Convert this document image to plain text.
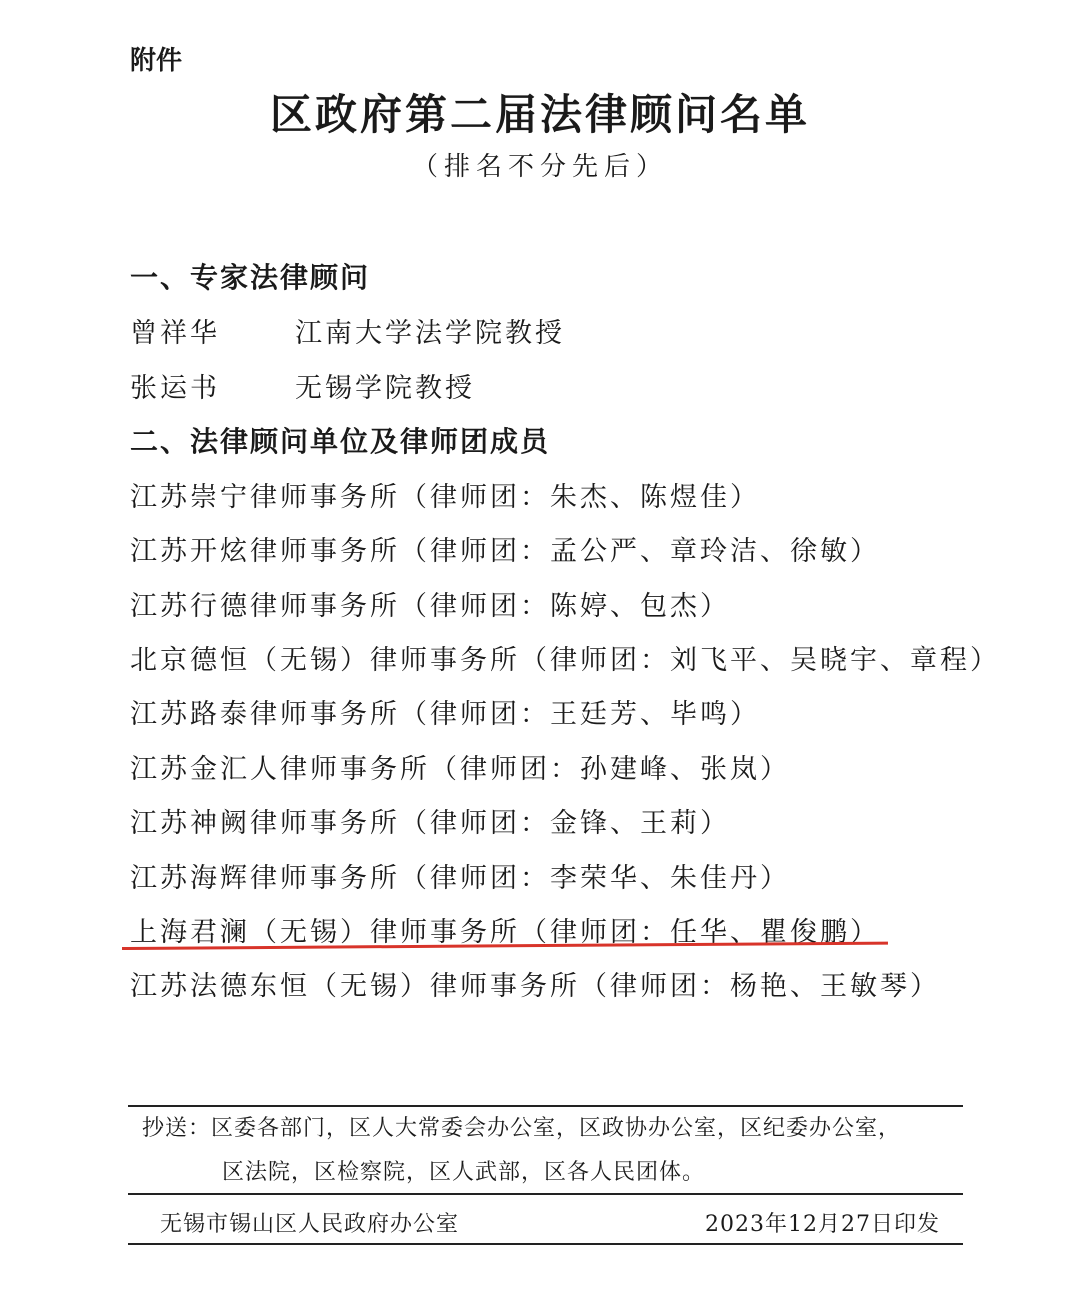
附件
区政府第二届法律顾问名单
（排名不分先后）
一、专家法律顾问
曾祥华	江南大学法学院教授
张运书	无锡学院教授
二、法律顾问单位及律师团成员
江苏崇宁律师事务所（律师团：朱杰、陈煜佳）
江苏开炫律师事务所（律师团：孟公严、章玲洁、徐敏）
江苏行德律师事务所（律师团：陈婷、包杰）
北京德恒（无锡）律师事务所（律师团：刘飞平、吴晓宇、章程）
江苏路泰律师事务所（律师团：王廷芳、毕鸣）
江苏金汇人律师事务所（律师团：孙建峰、张岚）
江苏神阙律师事务所（律师团：金锋、王莉）
江苏海辉律师事务所（律师团：李荣华、朱佳丹）
上海君澜（无锡）律师事务所（律师团：任华、瞿俊鹏）
江苏法德东恒（无锡）律师事务所（律师团：杨艳、王敏琴）
抄送：区委各部门，区人大常委会办公室，区政协办公室，区纪委办公室，
区法院，区检察院，区人武部，区各人民团体。
无锡市锡山区人民政府办公室	2023年12月27日印发
